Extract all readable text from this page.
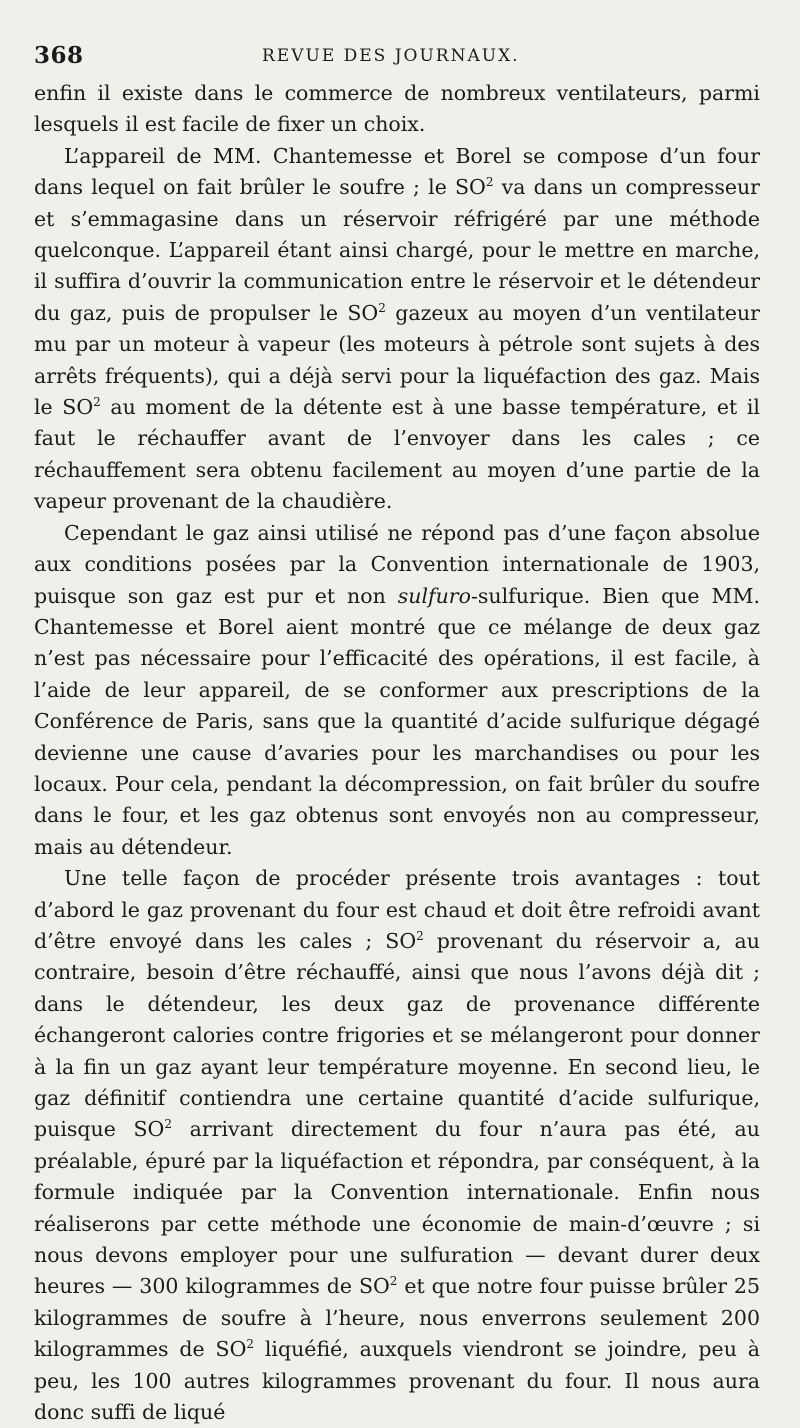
368	REVUE DES JOURNAUX.

enfin il existe dans le commerce de nombreux ventilateurs, parmi lesquels il est facile de fixer un choix.

L’appareil de MM. Chantemesse et Borel se compose d’un four dans lequel on fait brûler le soufre ; le $SO^2$ va dans un compresseur et s’emmagasine dans un réservoir réfrigéré par une méthode quelconque. L’appareil étant ainsi chargé, pour le mettre en marche, il suffira d’ouvrir la communication entre le réservoir et le détendeur du gaz, puis de propulser le $SO^2$ gazeux au moyen d’un ventilateur mu par un moteur à vapeur (les moteurs à pétrole sont sujets à des arrêts fréquents), qui a déjà servi pour la liquéfaction des gaz. Mais le $SO^2$ au moment de la détente est à une basse température, et il faut le réchauffer avant de l’envoyer dans les cales ; ce réchauffement sera obtenu facilement au moyen d’une partie de la vapeur provenant de la chaudière.

Cependant le gaz ainsi utilisé ne répond pas d’une façon absolue aux conditions posées par la Convention internationale de 1903, puisque son gaz est pur et non sulfuro-sulfurique. Bien que MM. Chantemesse et Borel aient montré que ce mélange de deux gaz n’est pas nécessaire pour l’efficacité des opérations, il est facile, à l’aide de leur appareil, de se conformer aux prescriptions de la Conférence de Paris, sans que la quantité d’acide sulfurique dégagé devienne une cause d’avaries pour les marchandises ou pour les locaux. Pour cela, pendant la décompression, on fait brûler du soufre dans le four, et les gaz obtenus sont envoyés non au compresseur, mais au détendeur.

Une telle façon de procéder présente trois avantages : tout d’abord le gaz provenant du four est chaud et doit être refroidi avant d’être envoyé dans les cales ; $SO^2$ provenant du réservoir a, au contraire, besoin d’être réchauffé, ainsi que nous l’avons déjà dit ; dans le détendeur, les deux gaz de provenance différente échangeront calories contre frigories et se mélangeront pour donner à la fin un gaz ayant leur température moyenne. En second lieu, le gaz définitif contiendra une certaine quantité d’acide sulfurique, puisque $SO^2$ arrivant directement du four n’aura pas été, au préalable, épuré par la liquéfaction et répondra, par conséquent, à la formule indiquée par la Convention internationale. Enfin nous réaliserons par cette méthode une économie de main-d’œuvre ; si nous devons employer pour une sulfuration — devant durer deux heures — 300 kilogrammes de $SO^2$ et que notre four puisse brûler 25 kilogrammes de soufre à l’heure, nous enverrons seulement 200 kilogrammes de $SO^2$ liquéfié, auxquels viendront se joindre, peu à peu, les 100 autres kilogrammes provenant du four. Il nous aura donc suffi de liqué
